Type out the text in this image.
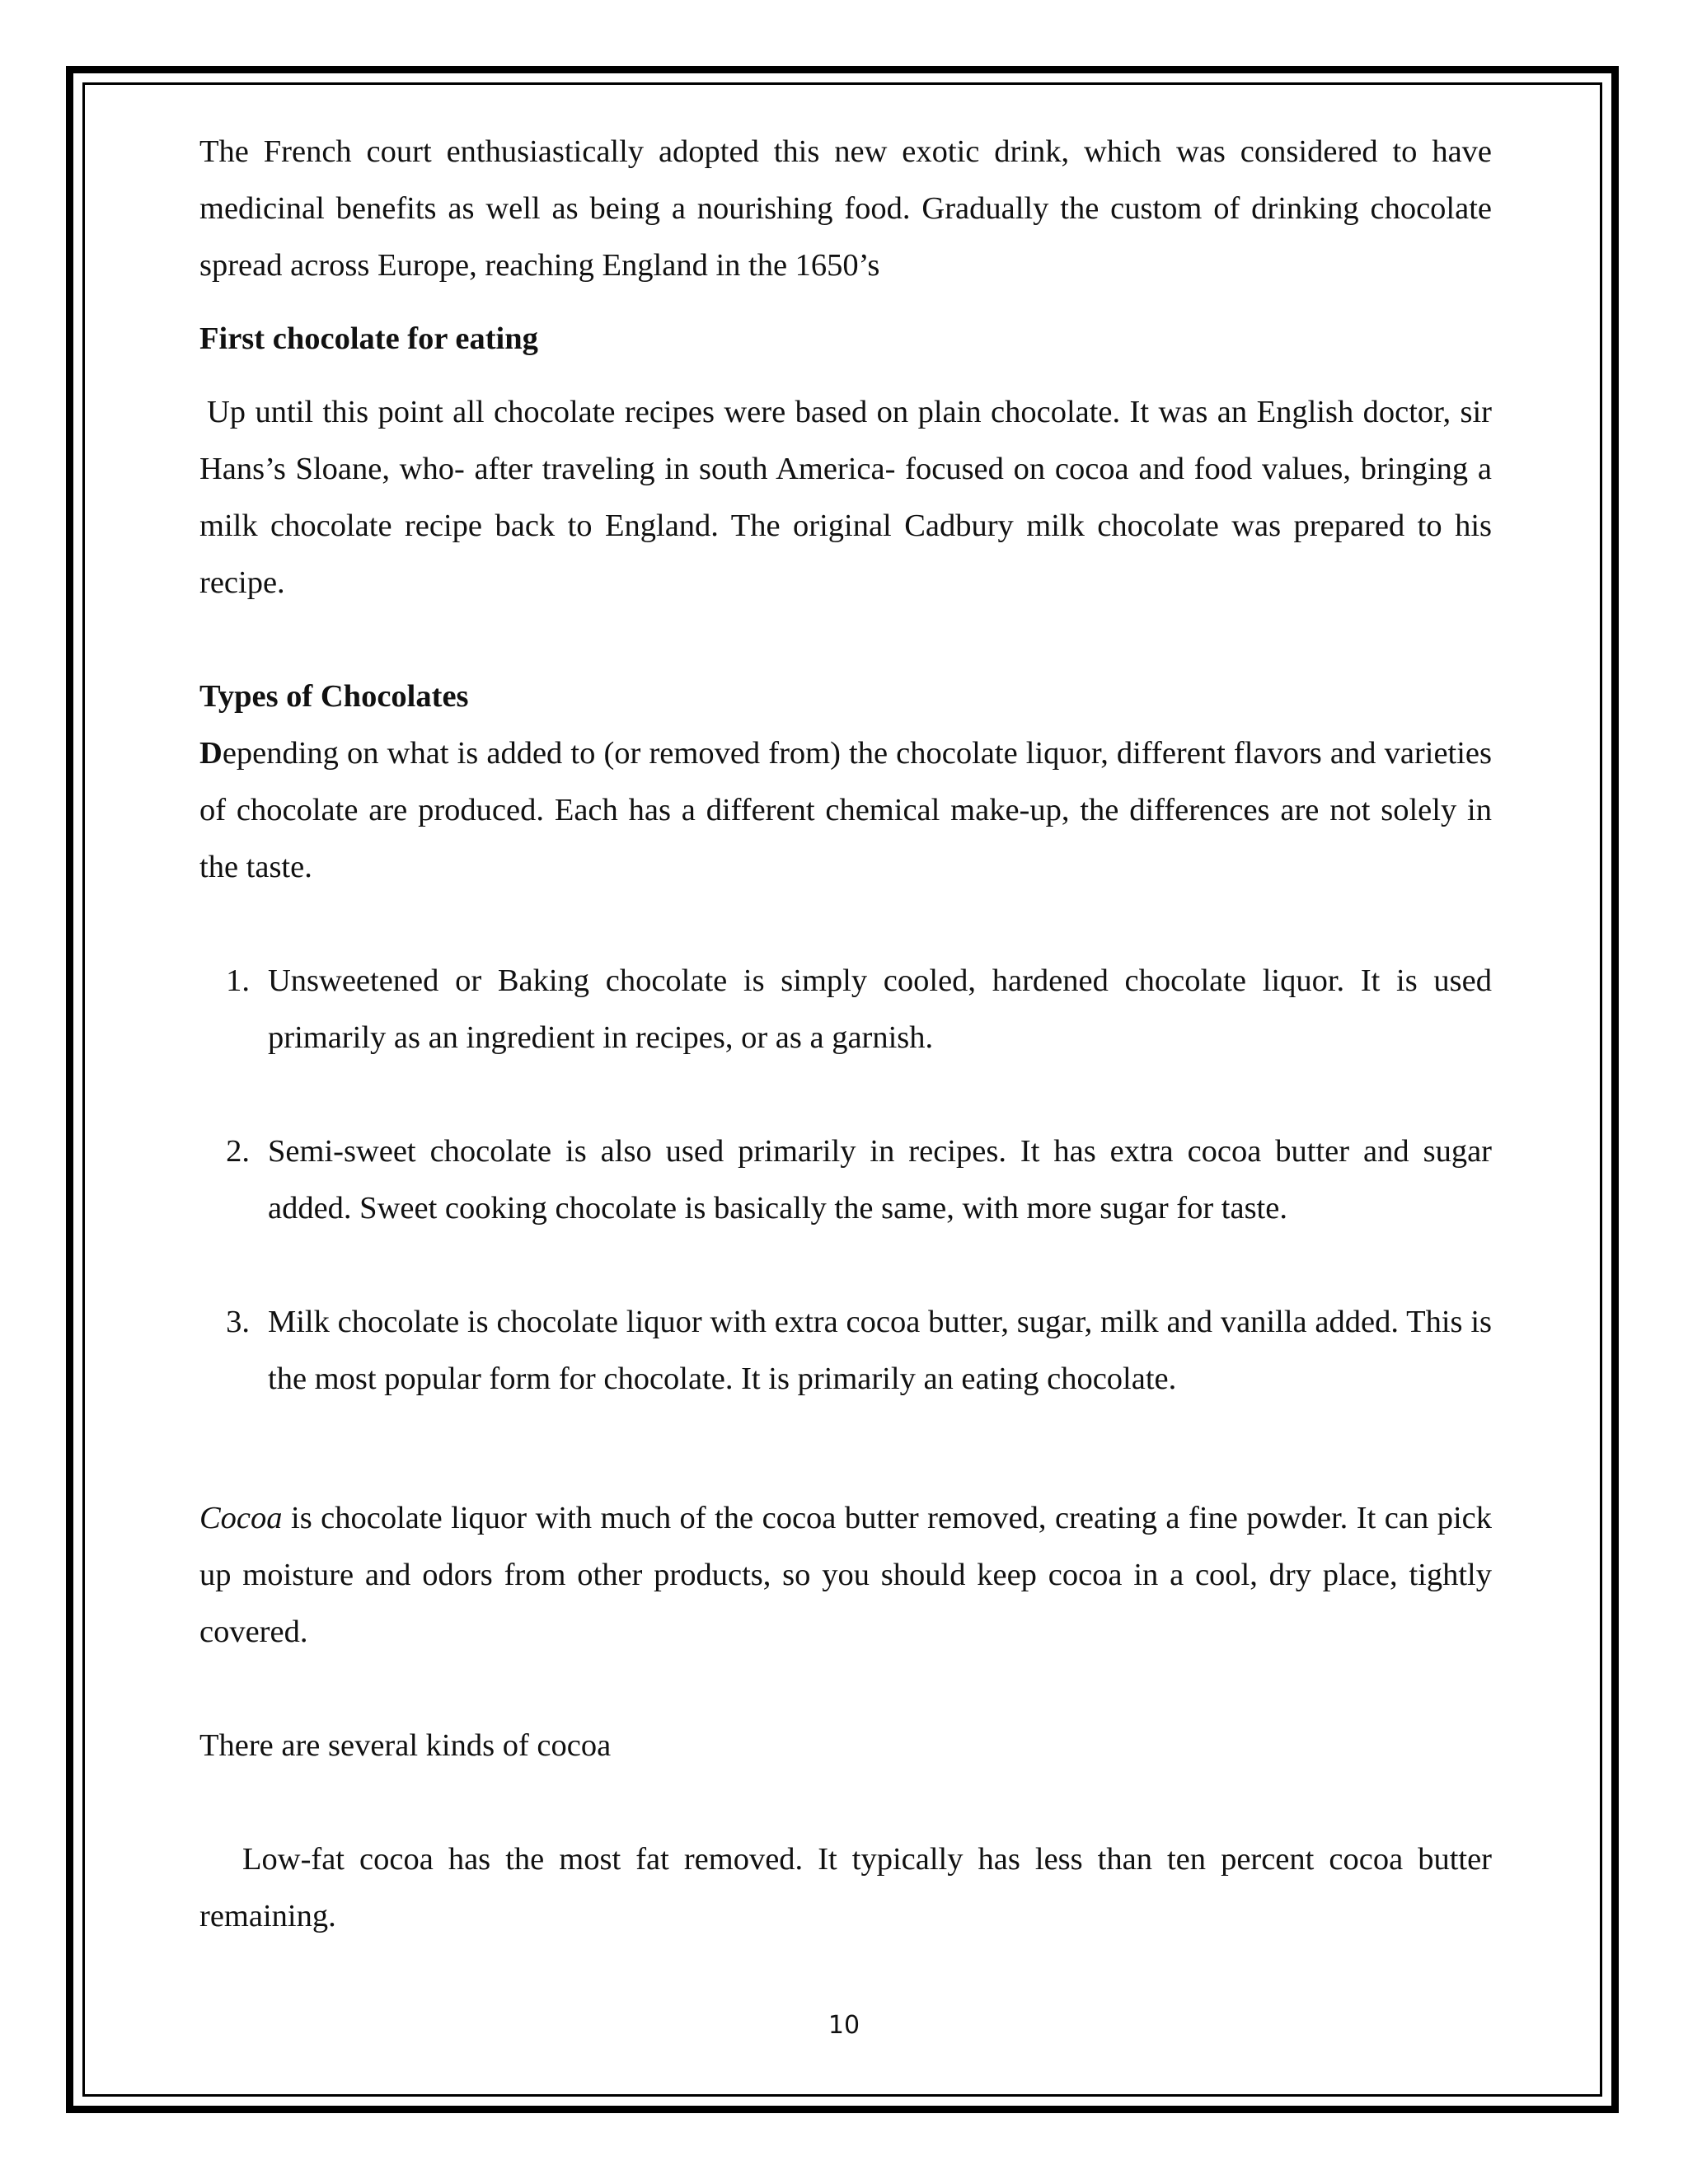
The French court enthusiastically adopted this new exotic drink, which was considered to have medicinal benefits as well as being a nourishing food. Gradually the custom of drinking chocolate spread across Europe, reaching England in the 1650’s

First chocolate for eating

Up until this point all chocolate recipes were based on plain chocolate. It was an English doctor, sir Hans’s Sloane, who- after traveling in south America- focused on cocoa and food values, bringing a milk chocolate recipe back to England. The original Cadbury milk chocolate was prepared to his recipe.

Types of Chocolates

Depending on what is added to (or removed from) the chocolate liquor, different flavors and varieties of chocolate are produced. Each has a different chemical make-up, the differences are not solely in the taste.

1. Unsweetened or Baking chocolate is simply cooled, hardened chocolate liquor. It is used primarily as an ingredient in recipes, or as a garnish.
2. Semi-sweet chocolate is also used primarily in recipes. It has extra cocoa butter and sugar added. Sweet cooking chocolate is basically the same, with more sugar for taste.
3. Milk chocolate is chocolate liquor with extra cocoa butter, sugar, milk and vanilla added. This is the most popular form for chocolate. It is primarily an eating chocolate.

Cocoa is chocolate liquor with much of the cocoa butter removed, creating a fine powder. It can pick up moisture and odors from other products, so you should keep cocoa in a cool, dry place, tightly covered.

There are several kinds of cocoa

Low-fat cocoa has the most fat removed. It typically has less than ten percent cocoa butter remaining.

10
